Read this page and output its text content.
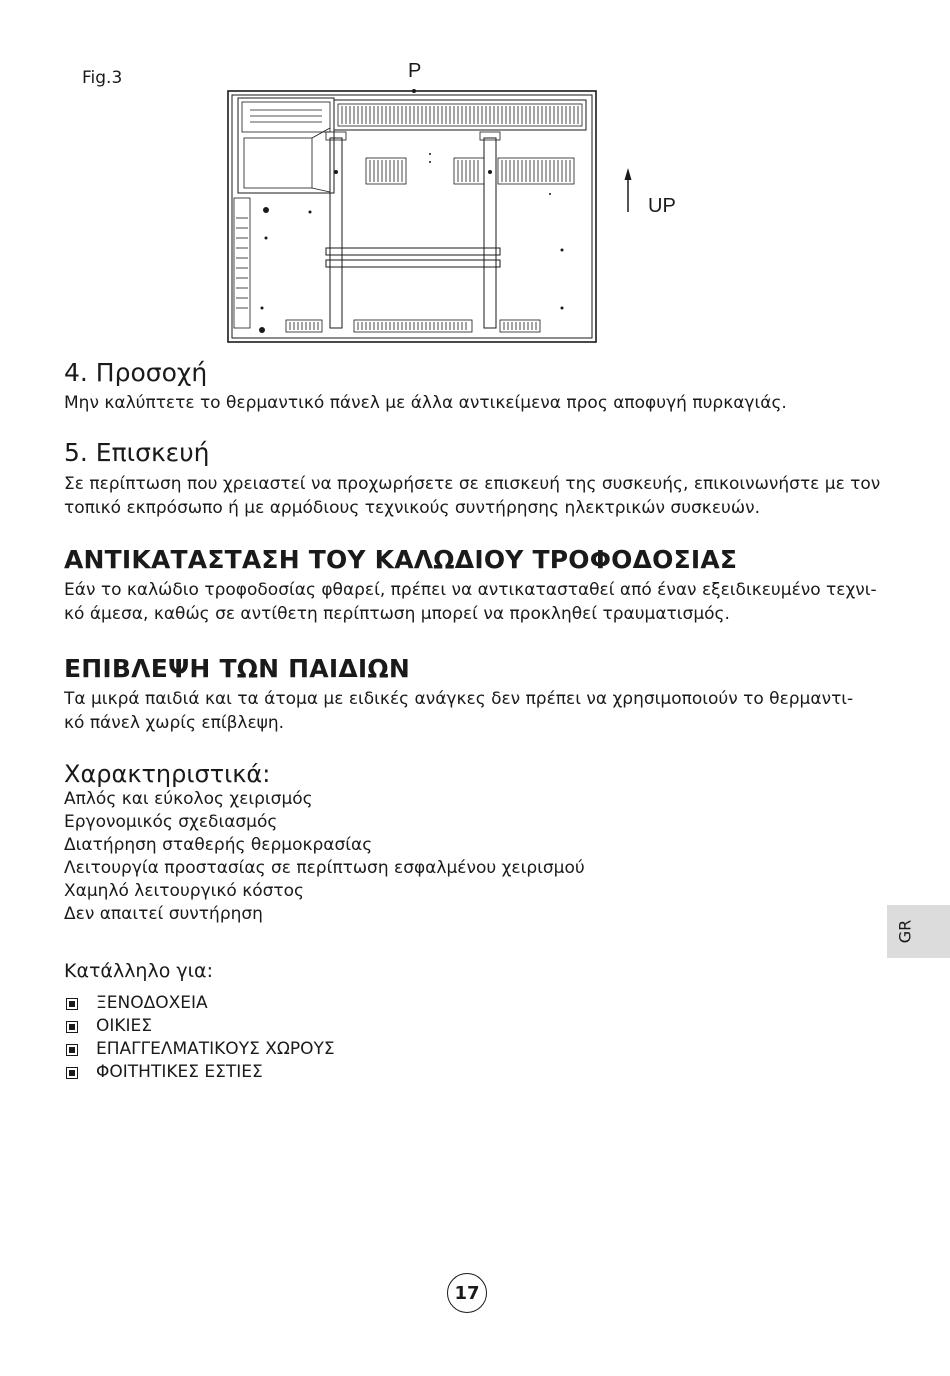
Fig.3	P
UP
4. Προσοχή

Μην καλύπτετε το θερμαντικό πάνελ με άλλα αντικείμενα προς αποφυγή πυρκαγιάς.

5. Επισκευή

Σε περίπτωση που χρειαστεί να προχωρήσετε σε επισκευή της συσκευής, επικοινωνήστε με τον
τοπικό εκπρόσωπο ή με αρμόδιους τεχνικούς συντήρησης ηλεκτρικών συσκευών.

ΑΝΤΙΚΑΤΑΣΤΑΣΗ ΤΟΥ ΚΑΛΩΔΙΟΥ ΤΡΟΦΟΔΟΣΙΑΣ

Εάν το καλώδιο τροφοδοσίας φθαρεί, πρέπει να αντικατασταθεί από έναν εξειδικευμένο τεχνι-
κό άμεσα, καθώς σε αντίθετη περίπτωση μπορεί να προκληθεί τραυματισμός.

ΕΠΙΒΛΕΨΗ ΤΩΝ ΠΑΙΔΙΩΝ

Τα μικρά παιδιά και τα άτομα με ειδικές ανάγκες δεν πρέπει να χρησιμοποιούν το θερμαντι-
κό πάνελ χωρίς επίβλεψη.

Χαρακτηριστικά:
Απλός και εύκολος χειρισμός
Εργονομικός σχεδιασμός
Διατήρηση σταθερής θερμοκρασίας
Λειτουργία προστασίας σε περίπτωση εσφαλμένου χειρισμού
Χαμηλό λειτουργικό κόστος
Δεν απαιτεί συντήρηση
Κατάλληλο για:
ΞΕΝΟΔΟΧΕΙΑ
ΟΙΚΙΕΣ
ΕΠΑΓΓΕΛΜΑΤΙΚΟΥΣ ΧΩΡΟΥΣ
ΦΟΙΤΗΤΙΚΕΣ ΕΣΤΙΕΣ
GR
17
